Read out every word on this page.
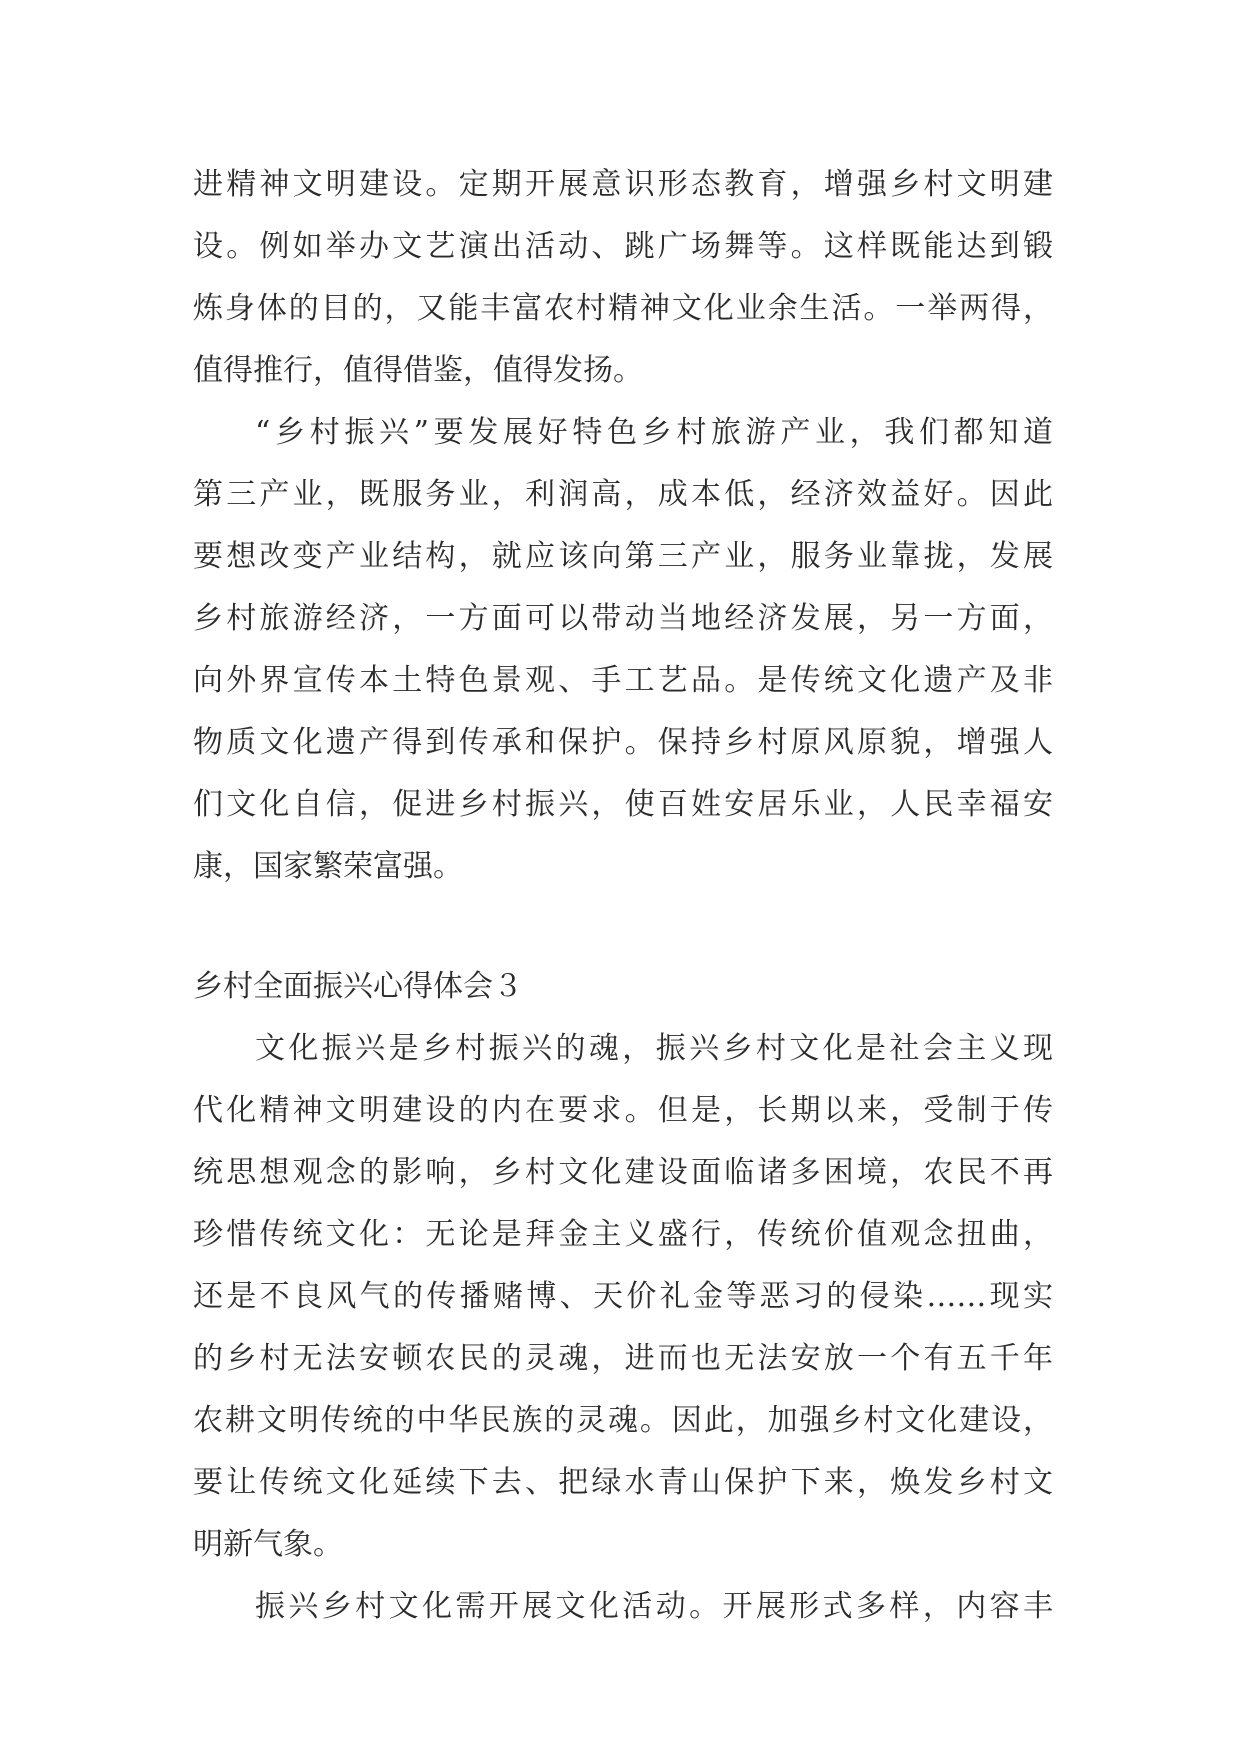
进精神文明建设。定期开展意识形态教育，增强乡村文明建
设。例如举办文艺演出活动、跳广场舞等。这样既能达到锻
炼身体的目的，又能丰富农村精神文化业余生活。一举两得，
值得推行，值得借鉴，值得发扬。
“乡村振兴”要发展好特色乡村旅游产业，我们都知道
第三产业，既服务业，利润高，成本低，经济效益好。因此
要想改变产业结构，就应该向第三产业，服务业靠拢，发展
乡村旅游经济，一方面可以带动当地经济发展，另一方面，
向外界宣传本土特色景观、手工艺品。是传统文化遗产及非
物质文化遗产得到传承和保护。保持乡村原风原貌，增强人
们文化自信，促进乡村振兴，使百姓安居乐业，人民幸福安
康，国家繁荣富强。
乡村全面振兴心得体会３
文化振兴是乡村振兴的魂，振兴乡村文化是社会主义现
代化精神文明建设的内在要求。但是，长期以来，受制于传
统思想观念的影响，乡村文化建设面临诸多困境，农民不再
珍惜传统文化：无论是拜金主义盛行，传统价值观念扭曲，
还是不良风气的传播赌博、天价礼金等恶习的侵染……现实
的乡村无法安顿农民的灵魂，进而也无法安放一个有五千年
农耕文明传统的中华民族的灵魂。因此，加强乡村文化建设，
要让传统文化延续下去、把绿水青山保护下来，焕发乡村文
明新气象。
振兴乡村文化需开展文化活动。开展形式多样，内容丰
